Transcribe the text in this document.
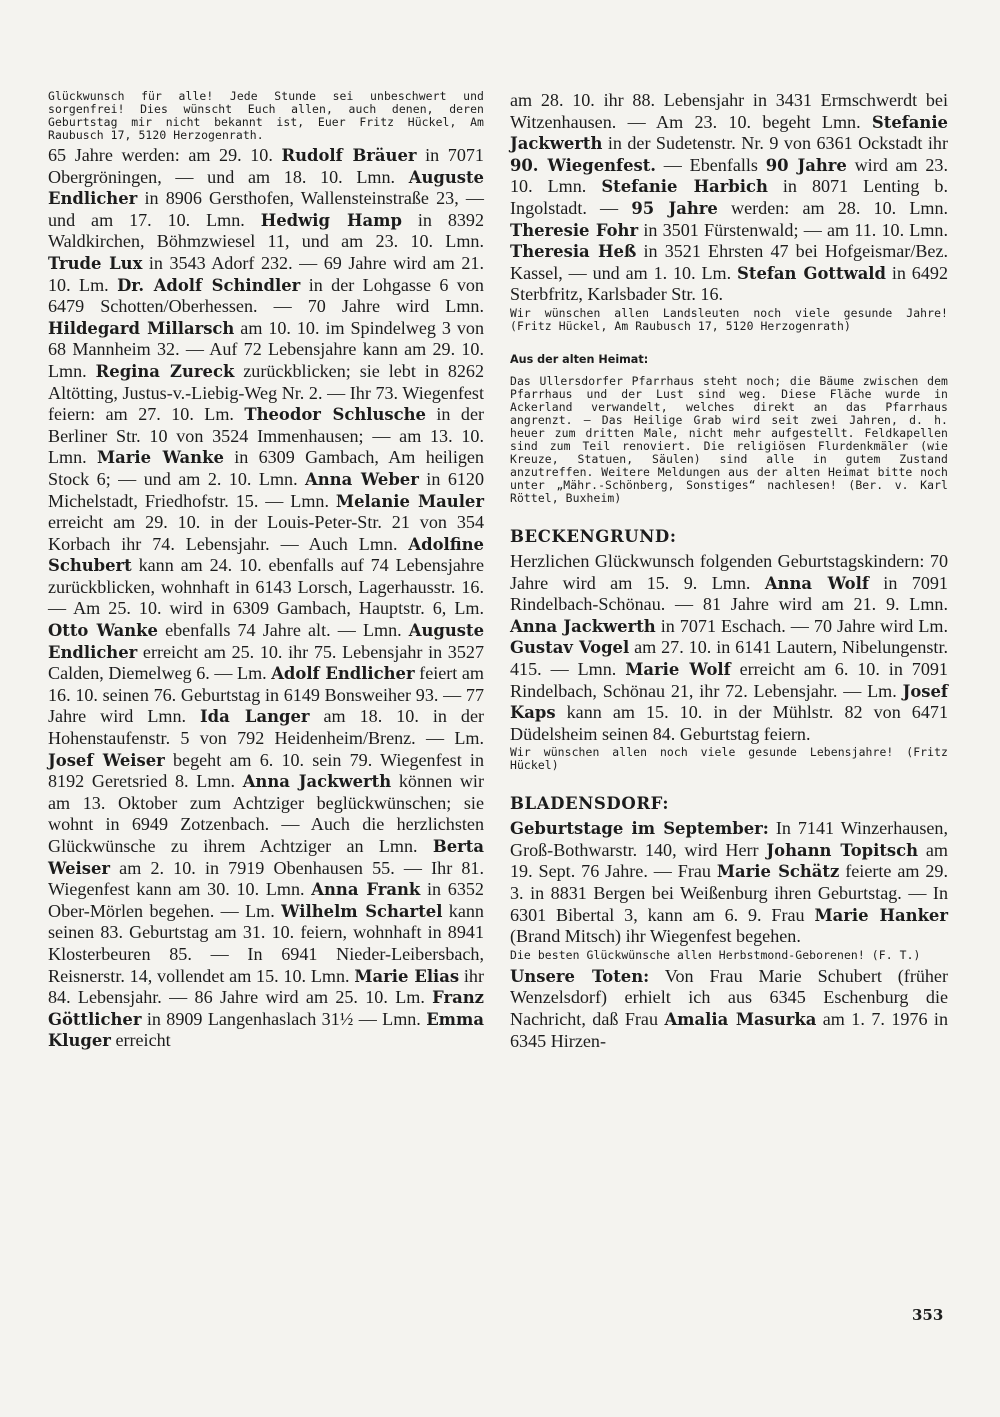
Glückwunsch für alle! Jede Stunde sei unbeschwert und sorgenfrei! Dies wünscht Euch allen, auch denen, deren Geburtstag mir nicht bekannt ist, Euer Fritz Hückel, Am Raubusch 17, 5120 Herzogenrath.

65 Jahre werden: am 29. 10. Rudolf Bräuer in 7071 Obergröningen, — und am 18. 10. Lmn. Auguste Endlicher in 8906 Gersthofen, Wallensteinstraße 23, — und am 17. 10. Lmn. Hedwig Hamp in 8392 Waldkirchen, Böhmzwiesel 11, und am 23. 10. Lmn. Trude Lux in 3543 Adorf 232. — 69 Jahre wird am 21. 10. Lm. Dr. Adolf Schindler in der Lohgasse 6 von 6479 Schotten/Oberhessen. — 70 Jahre wird Lmn. Hildegard Millarsch am 10. 10. im Spindelweg 3 von 68 Mannheim 32. — Auf 72 Lebensjahre kann am 29. 10. Lmn. Regina Zureck zurückblicken; sie lebt in 8262 Altötting, Justus-v.-Liebig-Weg Nr. 2. — Ihr 73. Wiegenfest feiern: am 27. 10. Lm. Theodor Schlusche in der Berliner Str. 10 von 3524 Immenhausen; — am 13. 10. Lmn. Marie Wanke in 6309 Gambach, Am heiligen Stock 6; — und am 2. 10. Lmn. Anna Weber in 6120 Michelstadt, Friedhofstr. 15. — Lmn. Melanie Mauler erreicht am 29. 10. in der Louis-Peter-Str. 21 von 354 Korbach ihr 74. Lebensjahr. — Auch Lmn. Adolfine Schubert kann am 24. 10. ebenfalls auf 74 Lebensjahre zurückblicken, wohnhaft in 6143 Lorsch, Lagerhausstr. 16. — Am 25. 10. wird in 6309 Gambach, Hauptstr. 6, Lm. Otto Wanke ebenfalls 74 Jahre alt. — Lmn. Auguste Endlicher erreicht am 25. 10. ihr 75. Lebensjahr in 3527 Calden, Diemelweg 6. — Lm. Adolf Endlicher feiert am 16. 10. seinen 76. Geburtstag in 6149 Bonsweiher 93. — 77 Jahre wird Lmn. Ida Langer am 18. 10. in der Hohenstaufenstr. 5 von 792 Heidenheim/Brenz. — Lm. Josef Weiser begeht am 6. 10. sein 79. Wiegenfest in 8192 Geretsried 8. Lmn. Anna Jackwerth können wir am 13. Oktober zum Achtziger beglückwünschen; sie wohnt in 6949 Zotzenbach. — Auch die herzlichsten Glückwünsche zu ihrem Achtziger an Lmn. Berta Weiser am 2. 10. in 7919 Obenhausen 55. — Ihr 81. Wiegenfest kann am 30. 10. Lmn. Anna Frank in 6352 Ober-Mörlen begehen. — Lm. Wilhelm Schartel kann seinen 83. Geburtstag am 31. 10. feiern, wohnhaft in 8941 Klosterbeuren 85. — In 6941 Nieder-Leibersbach, Reisnerstr. 14, vollendet am 15. 10. Lmn. Marie Elias ihr 84. Lebensjahr. — 86 Jahre wird am 25. 10. Lm. Franz Göttlicher in 8909 Langenhaslach 31½ — Lmn. Emma Kluger erreicht

am 28. 10. ihr 88. Lebensjahr in 3431 Ermschwerdt bei Witzenhausen. — Am 23. 10. begeht Lmn. Stefanie Jackwerth in der Sudetenstr. Nr. 9 von 6361 Ockstadt ihr 90. Wiegenfest. — Ebenfalls 90 Jahre wird am 23. 10. Lmn. Stefanie Harbich in 8071 Lenting b. Ingolstadt. — 95 Jahre werden: am 28. 10. Lmn. Theresie Fohr in 3501 Fürstenwald; — am 11. 10. Lmn. Theresia Heß in 3521 Ehrsten 47 bei Hofgeismar/Bez. Kassel, — und am 1. 10. Lm. Stefan Gottwald in 6492 Sterbfritz, Karlsbader Str. 16.

Wir wünschen allen Landsleuten noch viele gesunde Jahre! (Fritz Hückel, Am Raubusch 17, 5120 Herzogenrath)

Aus der alten Heimat:

Das Ullersdorfer Pfarrhaus steht noch; die Bäume zwischen dem Pfarrhaus und der Lust sind weg. Diese Fläche wurde in Ackerland verwandelt, welches direkt an das Pfarrhaus angrenzt. — Das Heilige Grab wird seit zwei Jahren, d. h. heuer zum dritten Male, nicht mehr aufgestellt. Feldkapellen sind zum Teil renoviert. Die religiösen Flurdenkmäler (wie Kreuze, Statuen, Säulen) sind alle in gutem Zustand anzutreffen. Weitere Meldungen aus der alten Heimat bitte noch unter „Mähr.-Schönberg, Sonstiges“ nachlesen! (Ber. v. Karl Röttel, Buxheim)

BECKENGRUND:

Herzlichen Glückwunsch folgenden Geburtstagskindern: 70 Jahre wird am 15. 9. Lmn. Anna Wolf in 7091 Rindelbach-Schönau. — 81 Jahre wird am 21. 9. Lmn. Anna Jackwerth in 7071 Eschach. — 70 Jahre wird Lm. Gustav Vogel am 27. 10. in 6141 Lautern, Nibelungenstr. 415. — Lmn. Marie Wolf erreicht am 6. 10. in 7091 Rindelbach, Schönau 21, ihr 72. Lebensjahr. — Lm. Josef Kaps kann am 15. 10. in der Mühlstr. 82 von 6471 Düdelsheim seinen 84. Geburtstag feiern.

Wir wünschen allen noch viele gesunde Lebensjahre! (Fritz Hückel)

BLADENSDORF:

Geburtstage im September: In 7141 Winzerhausen, Groß-Bothwarstr. 140, wird Herr Johann Topitsch am 19. Sept. 76 Jahre. — Frau Marie Schätz feierte am 29. 3. in 8831 Bergen bei Weißenburg ihren Geburtstag. — In 6301 Bibertal 3, kann am 6. 9. Frau Marie Hanker (Brand Mitsch) ihr Wiegenfest begehen.

Die besten Glückwünsche allen Herbstmond-Geborenen! (F. T.)

Unsere Toten: Von Frau Marie Schubert (früher Wenzelsdorf) erhielt ich aus 6345 Eschenburg die Nachricht, daß Frau Amalia Masurka am 1. 7. 1976 in 6345 Hirzen-

353
